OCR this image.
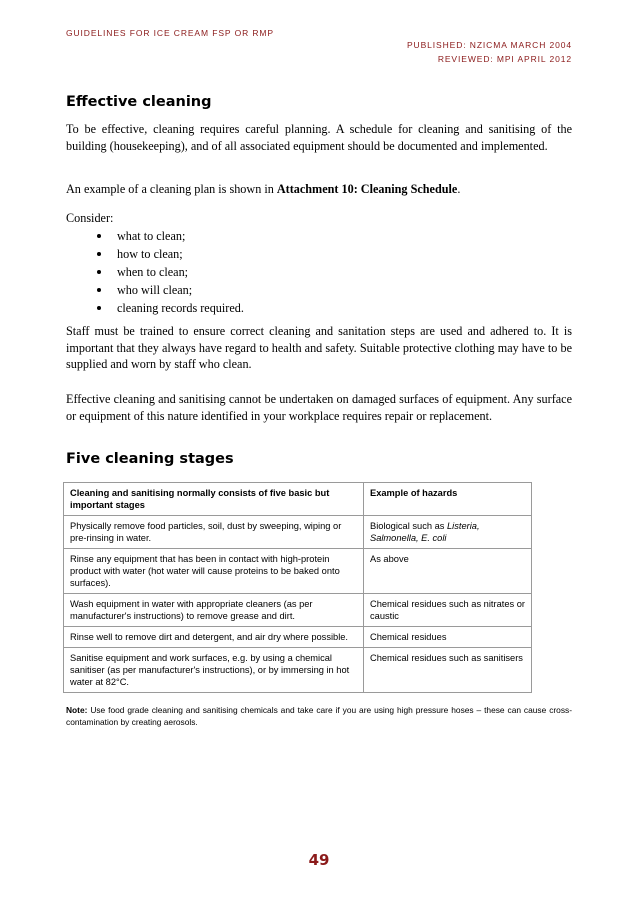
GUIDELINES FOR ICE CREAM FSP OR RMP
PUBLISHED: NZICMA MARCH 2004
REVIEWED: MPI APRIL 2012
Effective cleaning

To be effective, cleaning requires careful planning. A schedule for cleaning and sanitising of the building (housekeeping), and of all associated equipment should be documented and implemented.

An example of a cleaning plan is shown in Attachment 10: Cleaning Schedule.

Consider:

what to clean;
how to clean;
when to clean;
who will clean;
cleaning records required.

Staff must be trained to ensure correct cleaning and sanitation steps are used and adhered to. It is important that they always have regard to health and safety. Suitable protective clothing may have to be supplied and worn by staff who clean.

Effective cleaning and sanitising cannot be undertaken on damaged surfaces of equipment. Any surface or equipment of this nature identified in your workplace requires repair or replacement.

Five cleaning stages
Cleaning and sanitising normally consists of five basic but important stages	Example of hazards
Physically remove food particles, soil, dust by sweeping, wiping or pre-rinsing in water.	Biological such as Listeria,
Salmonella, E. coli
Rinse any equipment that has been in contact with high-protein product with water (hot water will cause proteins to be baked onto surfaces).	As above
Wash equipment in water with appropriate cleaners (as per manufacturer's instructions) to remove grease and dirt.	Chemical residues such as nitrates or caustic
Rinse well to remove dirt and detergent, and air dry where possible.	Chemical residues
Sanitise equipment and work surfaces, e.g. by using a chemical sanitiser (as per manufacturer's instructions), or by immersing in hot water at 82°C.	Chemical residues such as sanitisers
Note: Use food grade cleaning and sanitising chemicals and take care if you are using high pressure hoses – these can cause cross-contamination by creating aerosols.
49
